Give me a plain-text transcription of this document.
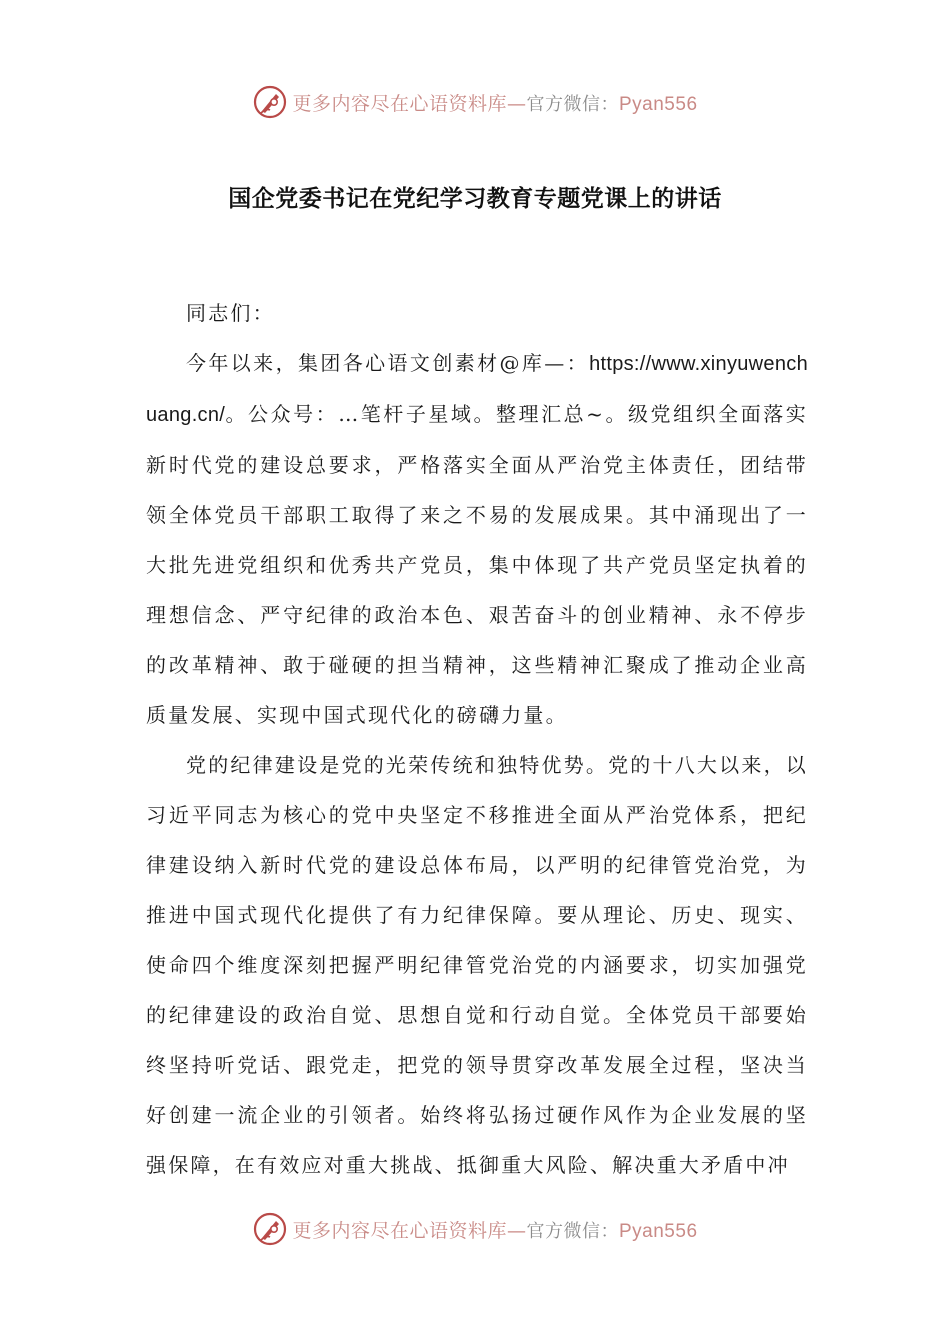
更多内容尽在心语资料库—官方微信：Pyan556
国企党委书记在党纪学习教育专题党课上的讲话

同志们：

今年以来，集团各心语文创素材@库—：https://www.xinyuwenchuang.cn/。公众号：…笔杆子星域。整理汇总~。级党组织全面落实新时代党的建设总要求，严格落实全面从严治党主体责任，团结带领全体党员干部职工取得了来之不易的发展成果。其中涌现出了一大批先进党组织和优秀共产党员，集中体现了共产党员坚定执着的理想信念、严守纪律的政治本色、艰苦奋斗的创业精神、永不停步的改革精神、敢于碰硬的担当精神，这些精神汇聚成了推动企业高质量发展、实现中国式现代化的磅礴力量。

党的纪律建设是党的光荣传统和独特优势。党的十八大以来，以习近平同志为核心的党中央坚定不移推进全面从严治党体系，把纪律建设纳入新时代党的建设总体布局，以严明的纪律管党治党，为推进中国式现代化提供了有力纪律保障。要从理论、历史、现实、使命四个维度深刻把握严明纪律管党治党的内涵要求，切实加强党的纪律建设的政治自觉、思想自觉和行动自觉。全体党员干部要始终坚持听党话、跟党走，把党的领导贯穿改革发展全过程，坚决当好创建一流企业的引领者。始终将弘扬过硬作风作为企业发展的坚强保障，在有效应对重大挑战、抵御重大风险、解决重大矛盾中冲

更多内容尽在心语资料库—官方微信：Pyan556
